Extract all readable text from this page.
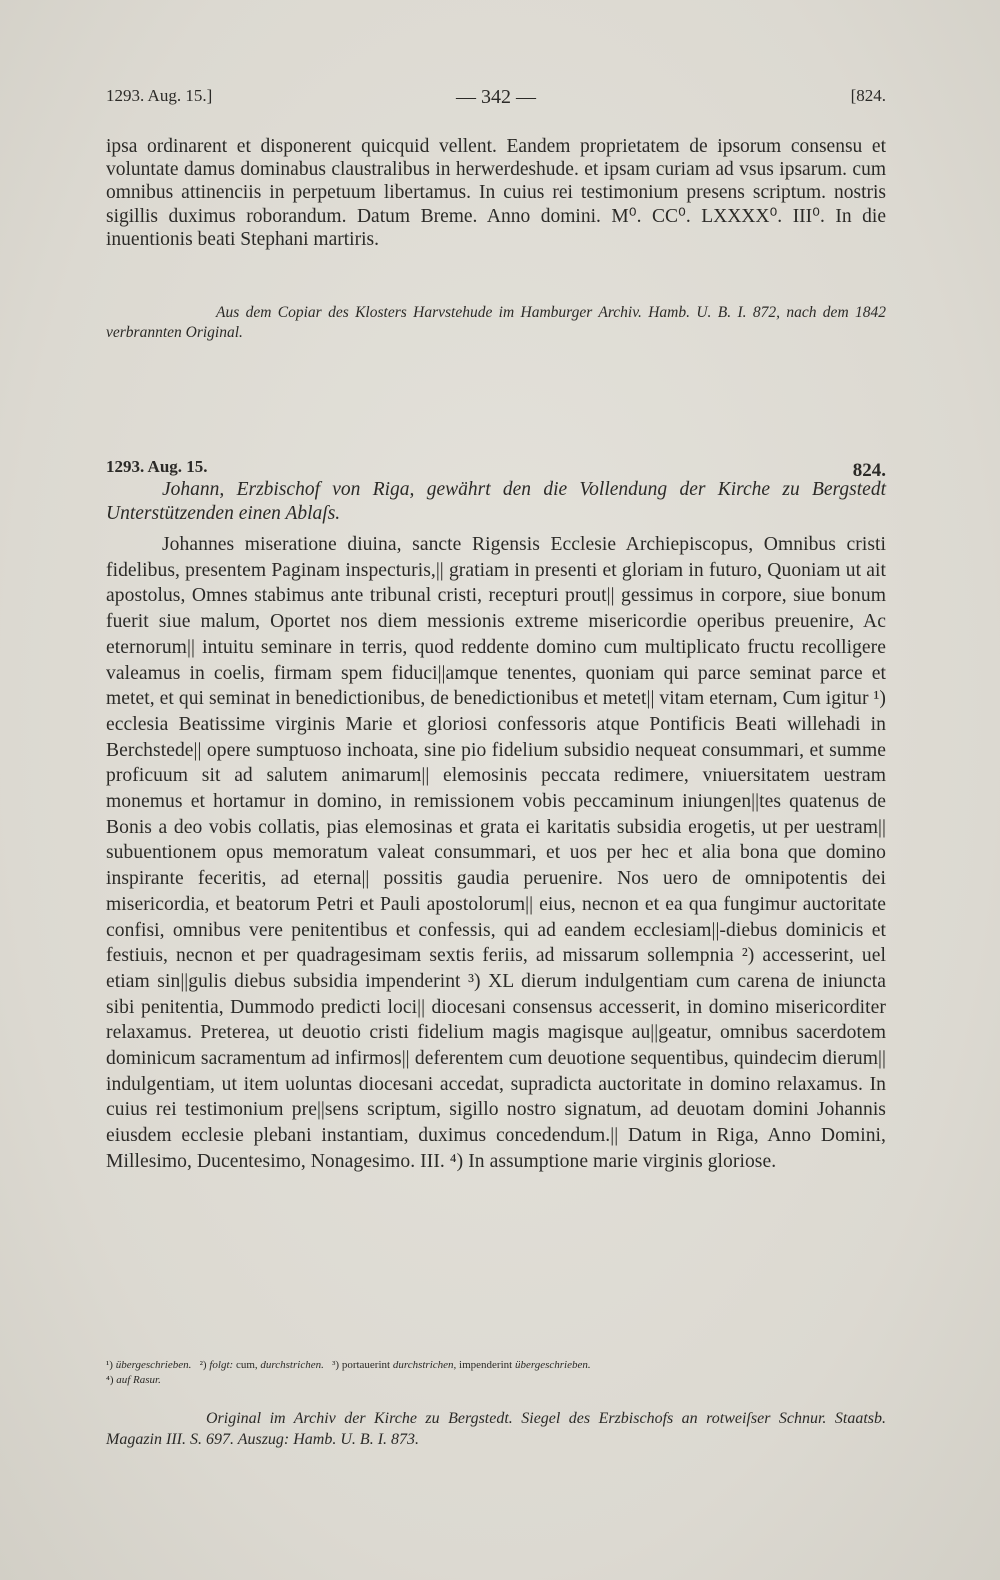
1293. Aug. 15.]	— 342 —	[824.
ipsa ordinarent et disponerent quicquid vellent. Eandem proprietatem de ipsorum consensu et voluntate damus dominabus claustralibus in herwerdeshude. et ipsam curiam ad vsus ipsarum. cum omnibus attinenciis in perpetuum libertamus. In cuius rei testimonium presens scriptum. nostris sigillis duximus roborandum. Datum Breme. Anno domini. M⁰. CC⁰. LXXXX⁰. III⁰. In die inuentionis beati Stephani martiris.
Aus dem Copiar des Klosters Harvstehude im Hamburger Archiv. Hamb. U. B. I. 872, nach dem 1842 verbrannten Original.
1293. Aug. 15.	824.
Johann, Erzbischof von Riga, gewährt den die Vollendung der Kirche zu Bergstedt Unterstützenden einen Ablaſs.
Johannes miseratione diuina, sancte Rigensis Ecclesie Archiepiscopus, Omnibus cristi fidelibus, presentem Paginam inspecturis,|| gratiam in presenti et gloriam in futuro, Quoniam ut ait apostolus, Omnes stabimus ante tribunal cristi, recepturi prout|| gessimus in corpore, siue bonum fuerit siue malum, Oportet nos diem messionis extreme misericordie operibus preuenire, Ac eternorum|| intuitu seminare in terris, quod reddente domino cum multiplicato fructu recolligere valeamus in coelis, firmam spem fiduci||amque tenentes, quoniam qui parce seminat parce et metet, et qui seminat in benedictionibus, de benedictionibus et metet|| vitam eternam, Cum igitur ¹) ecclesia Beatissime virginis Marie et gloriosi confessoris atque Pontificis Beati willehadi in Berchstede|| opere sumptuoso inchoata, sine pio fidelium subsidio nequeat consummari, et summe proficuum sit ad salutem animarum|| elemosinis peccata redimere, vniuersitatem uestram monemus et hortamur in domino, in remissionem vobis peccaminum iniungen||tes quatenus de Bonis a deo vobis collatis, pias elemosinas et grata ei karitatis subsidia erogetis, ut per uestram|| subuentionem opus memoratum valeat consummari, et uos per hec et alia bona que domino inspirante feceritis, ad eterna|| possitis gaudia peruenire. Nos uero de omnipotentis dei misericordia, et beatorum Petri et Pauli apostolorum|| eius, necnon et ea qua fungimur auctoritate confisi, omnibus vere penitentibus et confessis, qui ad eandem ecclesiam||-diebus dominicis et festiuis, necnon et per quadragesimam sextis feriis, ad missarum sollempnia ²) accesserint, uel etiam sin||gulis diebus subsidia impenderint ³) XL dierum indulgentiam cum carena de iniuncta sibi penitentia, Dummodo predicti loci|| diocesani consensus accesserit, in domino misericorditer relaxamus. Preterea, ut deuotio cristi fidelium magis magisque au||geatur, omnibus sacerdotem dominicum sacramentum ad infirmos|| deferentem cum deuotione sequentibus, quindecim dierum|| indulgentiam, ut item uoluntas diocesani accedat, supradicta auctoritate in domino relaxamus. In cuius rei testimonium pre||sens scriptum, sigillo nostro signatum, ad deuotam domini Johannis eiusdem ecclesie plebani instantiam, duximus concedendum.|| Datum in Riga, Anno Domini, Millesimo, Ducentesimo, Nonagesimo. III. ⁴) In assumptione marie virginis gloriose.
¹) übergeschrieben. ²) folgt: cum, durchstrichen. ³) portauerint durchstrichen, impenderint übergeschrieben.
⁴) auf Rasur.
Original im Archiv der Kirche zu Bergstedt. Siegel des Erzbischofs an rotweiſser Schnur. Staatsb. Magazin III. S. 697. Auszug: Hamb. U. B. I. 873.
